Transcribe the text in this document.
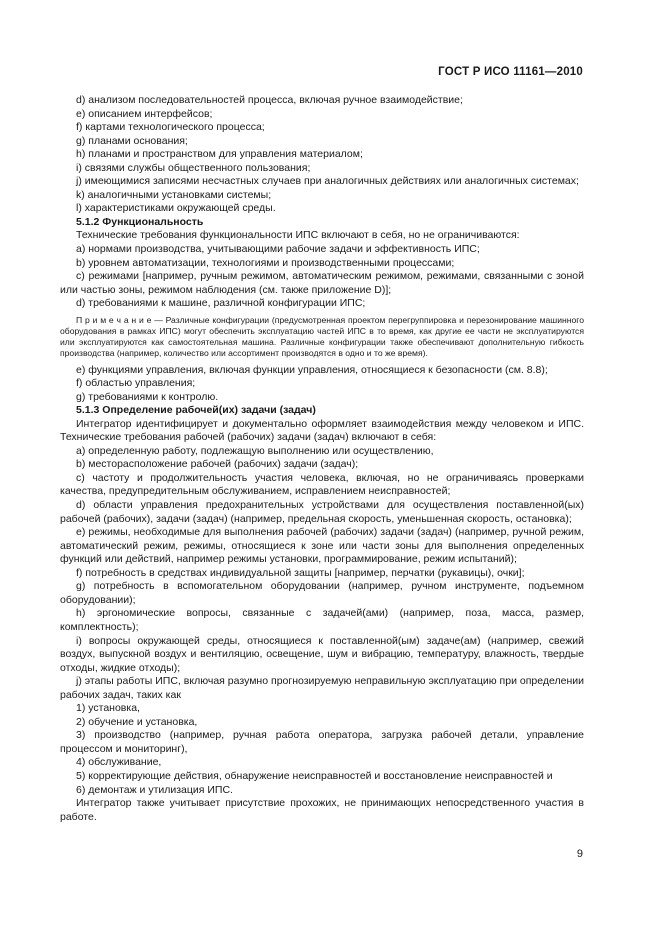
ГОСТ Р ИСО 11161—2010
d) анализом последовательностей процесса, включая ручное взаимодействие;
e) описанием интерфейсов;
f) картами технологического процесса;
g) планами основания;
h) планами и пространством для управления материалом;
i) связями службы общественного пользования;
j) имеющимися записями несчастных случаев при аналогичных действиях или аналогичных системах;
k) аналогичными установками системы;
l) характеристиками окружающей среды.
5.1.2 Функциональность
Технические требования функциональности ИПС включают в себя, но не ограничиваются:
a) нормами производства, учитывающими рабочие задачи и эффективность ИПС;
b) уровнем автоматизации, технологиями и производственными процессами;
c) режимами [например, ручным режимом, автоматическим режимом, режимами, связанными с зоной или частью зоны, режимом наблюдения (см. также приложение D)];
d) требованиями к машине, различной конфигурации ИПС;
П р и м е ч а н и е — Различные конфигурации (предусмотренная проектом перегруппировка и перезонирование машинного оборудования в рамках ИПС) могут обеспечить эксплуатацию частей ИПС в то время, как другие ее части не эксплуатируются или эксплуатируются как самостоятельная машина. Различные конфигурации также обеспечивают дополнительную гибкость производства (например, количество или ассортимент производятся в одно и то же время).
e) функциями управления, включая функции управления, относящиеся к безопасности (см. 8.8);
f) областью управления;
g) требованиями к контролю.
5.1.3 Определение рабочей(их) задачи (задач)
Интегратор идентифицирует и документально оформляет взаимодействия между человеком и ИПС. Технические требования рабочей (рабочих) задачи (задач) включают в себя:
a) определенную работу, подлежащую выполнению или осуществлению,
b) месторасположение рабочей (рабочих) задачи (задач);
c) частоту и продолжительность участия человека, включая, но не ограничиваясь проверками качества, предупредительным обслуживанием, исправлением неисправностей;
d) области управления предохранительных устройствами для осуществления поставленной(ых) рабочей (рабочих), задачи (задач) (например, предельная скорость, уменьшенная скорость, остановка);
e) режимы, необходимые для выполнения рабочей (рабочих) задачи (задач) (например, ручной режим, автоматический режим, режимы, относящиеся к зоне или части зоны для выполнения определенных функций или действий, например режимы установки, программирование, режим испытаний);
f) потребность в средствах индивидуальной защиты [например, перчатки (рукавицы), очки];
g) потребность в вспомогательном оборудовании (например, ручном инструменте, подъемном оборудовании);
h) эргономические вопросы, связанные с задачей(ами) (например, поза, масса, размер, комплектность);
i) вопросы окружающей среды, относящиеся к поставленной(ым) задаче(ам) (например, свежий воздух, выпускной воздух и вентиляцию, освещение, шум и вибрацию, температуру, влажность, твердые отходы, жидкие отходы);
j) этапы работы ИПС, включая разумно прогнозируемую неправильную эксплуатацию при определении рабочих задач, таких как
1) установка,
2) обучение и установка,
3) производство (например, ручная работа оператора, загрузка рабочей детали, управление процессом и мониторинг),
4) обслуживание,
5) корректирующие действия, обнаружение неисправностей и восстановление неисправностей и
6) демонтаж и утилизация ИПС.
Интегратор также учитывает присутствие прохожих, не принимающих непосредственного участия в работе.
9
